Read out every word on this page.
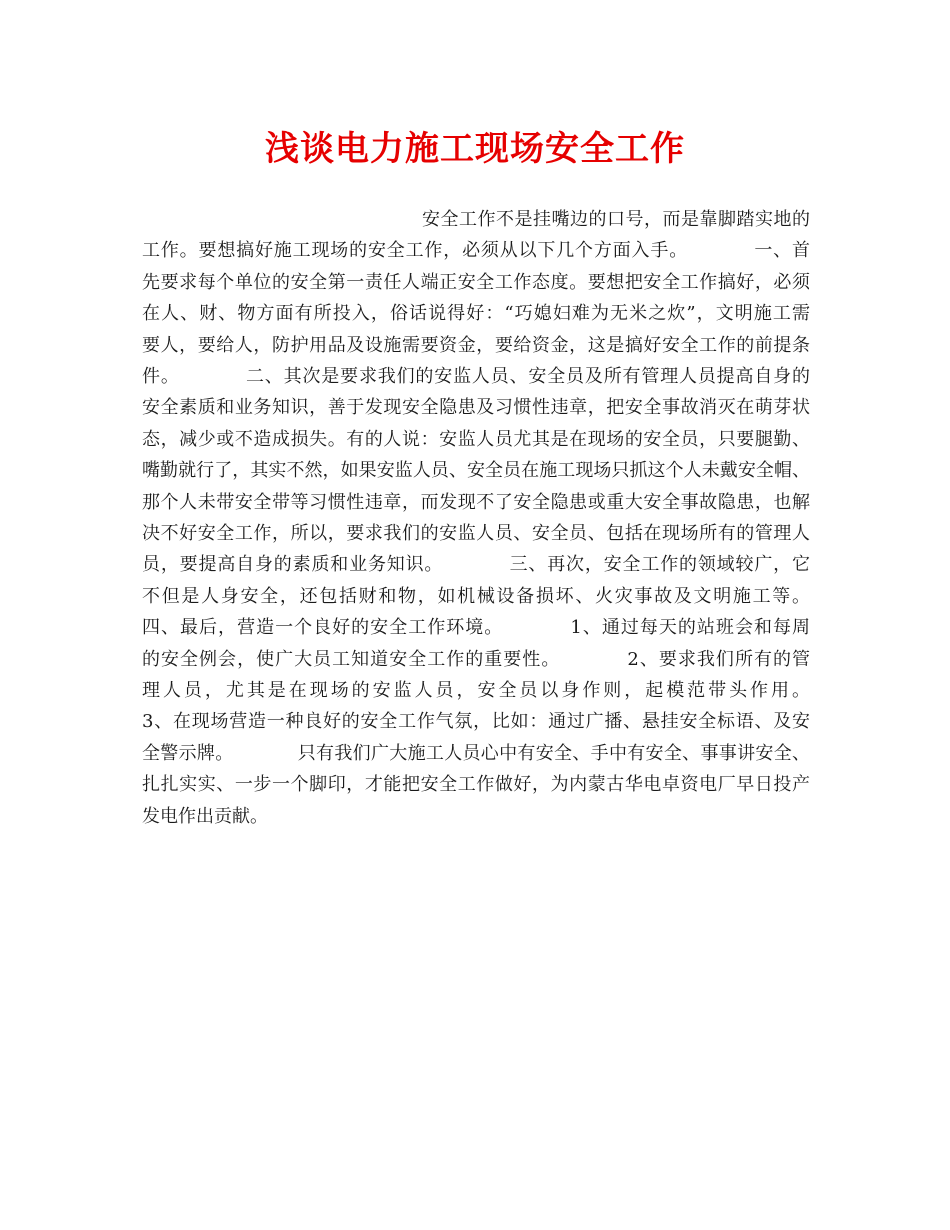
浅谈电力施工现场安全工作
安全工作不是挂嘴边的口号，而是靠脚踏实地的
工作。要想搞好施工现场的安全工作，必须从以下几个方面入手。　　　　一、首
先要求每个单位的安全第一责任人端正安全工作态度。要想把安全工作搞好，必须
在人、财、物方面有所投入，俗话说得好：“巧媳妇难为无米之炊”，文明施工需
要人，要给人，防护用品及设施需要资金，要给资金，这是搞好安全工作的前提条
件。　　　　二、其次是要求我们的安监人员、安全员及所有管理人员提高自身的
安全素质和业务知识，善于发现安全隐患及习惯性违章，把安全事故消灭在萌芽状
态，减少或不造成损失。有的人说：安监人员尤其是在现场的安全员，只要腿勤、
嘴勤就行了，其实不然，如果安监人员、安全员在施工现场只抓这个人未戴安全帽、
那个人未带安全带等习惯性违章，而发现不了安全隐患或重大安全事故隐患，也解
决不好安全工作，所以，要求我们的安监人员、安全员、包括在现场所有的管理人
员，要提高自身的素质和业务知识。　　　　三、再次，安全工作的领域较广，它
不但是人身安全，还包括财和物，如机械设备损坏、火灾事故及文明施工等。
四、最后，营造一个良好的安全工作环境。　　　　1、通过每天的站班会和每周
的安全例会，使广大员工知道安全工作的重要性。　　　　2、要求我们所有的管
理人员，尤其是在现场的安监人员，安全员以身作则，起模范带头作用。
3、在现场营造一种良好的安全工作气氛，比如：通过广播、悬挂安全标语、及安
全警示牌。　　　　只有我们广大施工人员心中有安全、手中有安全、事事讲安全、
扎扎实实、一步一个脚印，才能把安全工作做好，为内蒙古华电卓资电厂早日投产
发电作出贡献。
